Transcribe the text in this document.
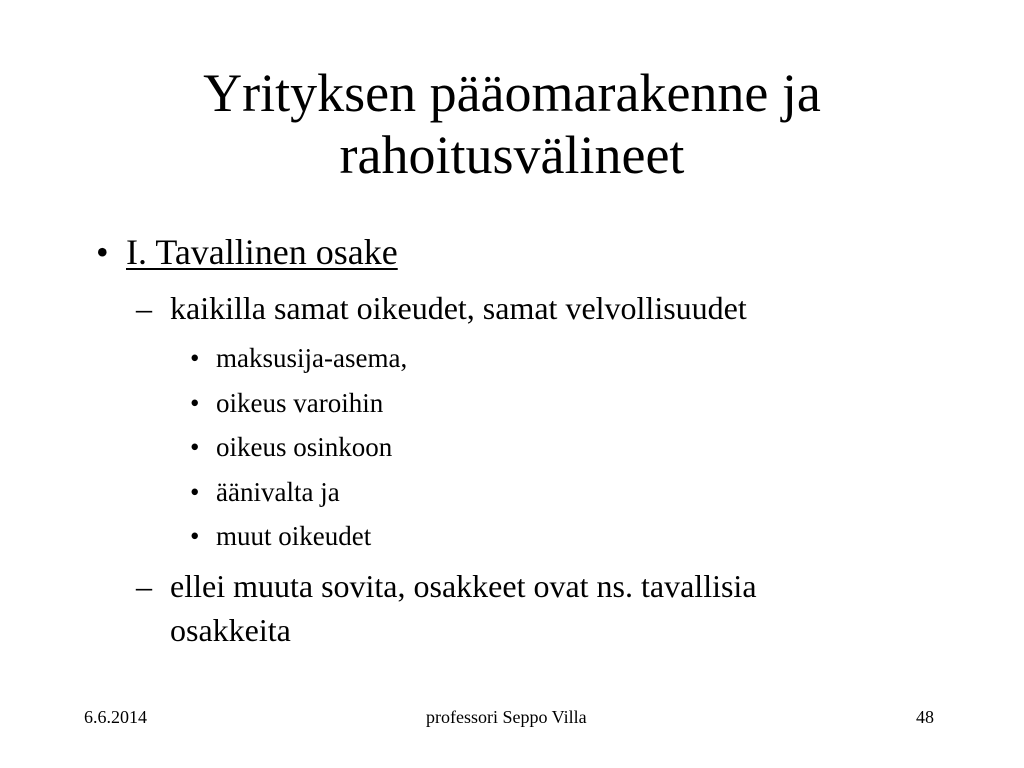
Yrityksen pääomarakenne ja
rahoitusvälineet
• I. Tavallinen osake
– kaikilla samat oikeudet, samat velvollisuudet
• maksusija-asema,
• oikeus varoihin
• oikeus osinkoon
• äänivalta ja
• muut oikeudet
– ellei muuta sovita, osakkeet ovat ns. tavallisia
osakkeita
6.6.2014	professori Seppo Villa	48
